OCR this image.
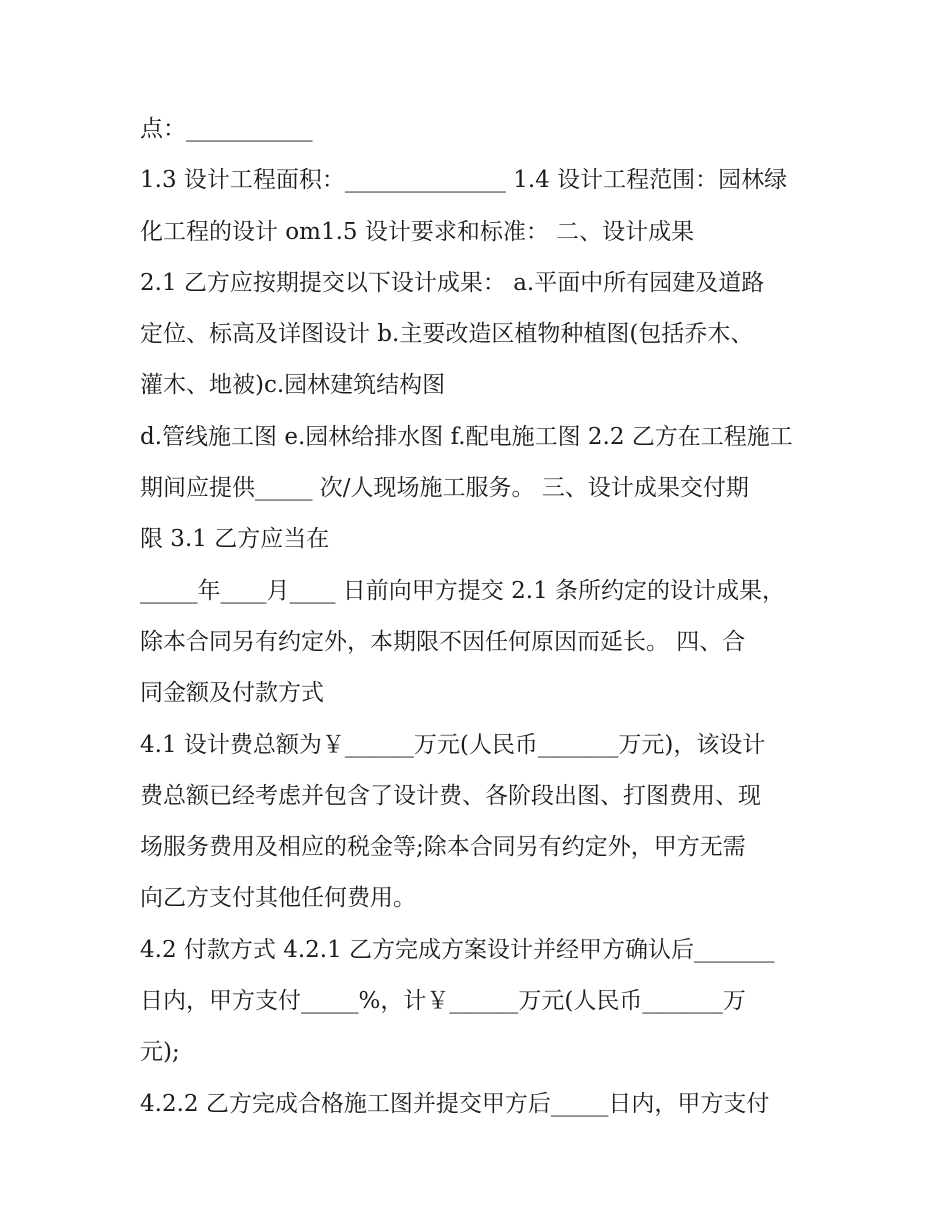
点：___________
1.3 设计工程面积：______________ 1.4 设计工程范围：园林绿
化工程的设计 om1.5 设计要求和标准： 二、设计成果
2.1 乙方应按期提交以下设计成果： a.平面中所有园建及道路
定位、标高及详图设计 b.主要改造区植物种植图(包括乔木、
灌木、地被)c.园林建筑结构图
d.管线施工图 e.园林给排水图 f.配电施工图 2.2 乙方在工程施工
期间应提供_____ 次/人现场施工服务。 三、设计成果交付期
限 3.1 乙方应当在
_____年____月____ 日前向甲方提交 2.1 条所约定的设计成果，
除本合同另有约定外，本期限不因任何原因而延长。 四、合
同金额及付款方式
4.1 设计费总额为￥______万元(人民币_______万元)，该设计
费总额已经考虑并包含了设计费、各阶段出图、打图费用、现
场服务费用及相应的税金等;除本合同另有约定外，甲方无需
向乙方支付其他任何费用。
4.2 付款方式 4.2.1 乙方完成方案设计并经甲方确认后_______
日内，甲方支付_____%，计￥______万元(人民币_______万
元);
4.2.2 乙方完成合格施工图并提交甲方后_____日内，甲方支付
